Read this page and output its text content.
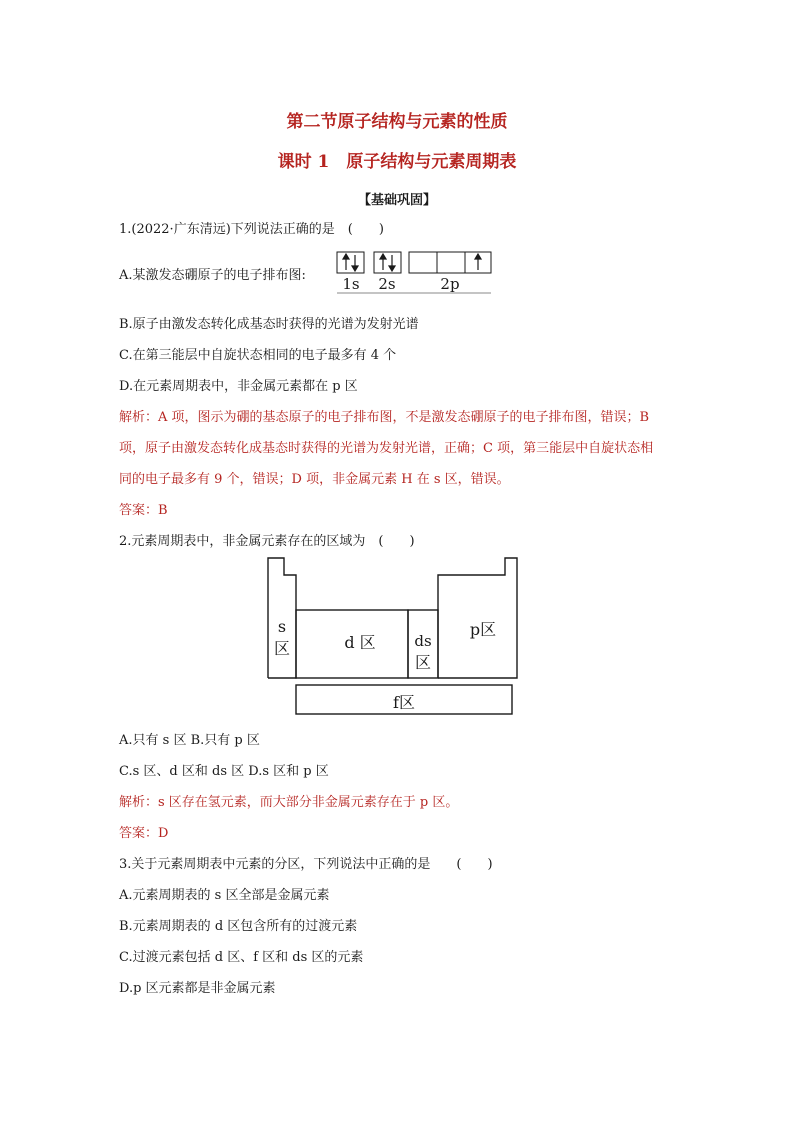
第二节原子结构与元素的性质
课时 1　原子结构与元素周期表
【基础巩固】
1.(2022·广东清远)下列说法正确的是　(　　)
A.某激发态硼原子的电子排布图: 1s 2s	2p
B.原子由激发态转化成基态时获得的光谱为发射光谱
C.在第三能层中自旋状态相同的电子最多有 4 个
D.在元素周期表中，非金属元素都在 p 区
解析：A 项，图示为硼的基态原子的电子排布图，不是激发态硼原子的电子排布图，错误；B
项，原子由激发态转化成基态时获得的光谱为发射光谱，正确；C 项，第三能层中自旋状态相
同的电子最多有 9 个，错误；D 项，非金属元素 H 在 s 区，错误。
答案：B
2.元素周期表中，非金属元素存在的区域为　(　　)
s
区	d 区	ds
区
p区
f区
A.只有 s 区 B.只有 p 区
C.s 区、d 区和 ds 区 D.s 区和 p 区
解析：s 区存在氢元素，而大部分非金属元素存在于 p 区。
答案：D
3.关于元素周期表中元素的分区，下列说法中正确的是　　(　　)
A.元素周期表的 s 区全部是金属元素
B.元素周期表的 d 区包含所有的过渡元素
C.过渡元素包括 d 区、f 区和 ds 区的元素
D.p 区元素都是非金属元素
